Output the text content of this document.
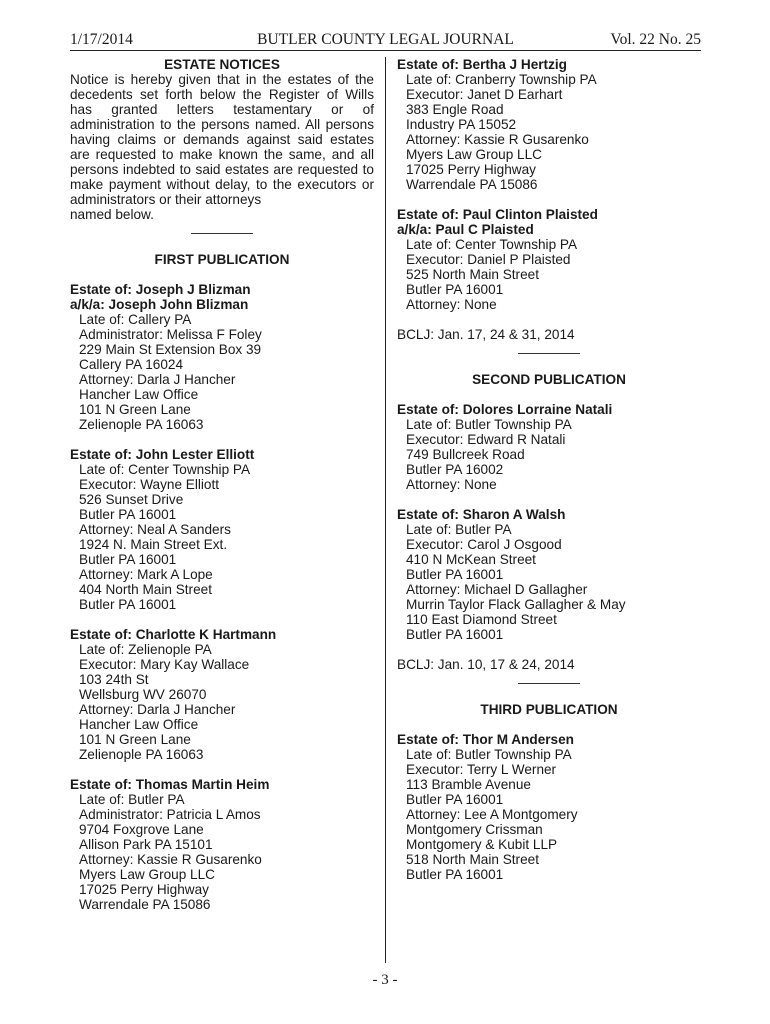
1/17/2014	BUTLER COUNTY LEGAL JOURNAL	Vol. 22 No. 25
ESTATE NOTICES
Notice is hereby given that in the estates of the decedents set forth below the Register of Wills has granted letters testamentary or of administration to the persons named. All persons having claims or demands against said estates are requested to make known the same, and all persons indebted to said estates are requested to make payment without delay, to the executors or administrators or their attorneys
named below.
FIRST PUBLICATION
Estate of: Joseph J Blizman
a/k/a: Joseph John Blizman
Late of: Callery PA
Administrator: Melissa F Foley
229 Main St Extension Box 39
Callery PA 16024
Attorney: Darla J Hancher
Hancher Law Office
101 N Green Lane
Zelienople PA 16063
Estate of: John Lester Elliott
Late of: Center Township PA
Executor: Wayne Elliott
526 Sunset Drive
Butler PA 16001
Attorney: Neal A Sanders
1924 N. Main Street Ext.
Butler PA 16001
Attorney: Mark A Lope
404 North Main Street
Butler PA 16001
Estate of: Charlotte K Hartmann
Late of: Zelienople PA
Executor: Mary Kay Wallace
103 24th St
Wellsburg WV 26070
Attorney: Darla J Hancher
Hancher Law Office
101 N Green Lane
Zelienople PA 16063
Estate of: Thomas Martin Heim
Late of: Butler PA
Administrator: Patricia L Amos
9704 Foxgrove Lane
Allison Park PA 15101
Attorney: Kassie R Gusarenko
Myers Law Group LLC
17025 Perry Highway
Warrendale PA 15086
Estate of: Bertha J Hertzig
Late of: Cranberry Township PA
Executor: Janet D Earhart
383 Engle Road
Industry PA 15052
Attorney: Kassie R Gusarenko
Myers Law Group LLC
17025 Perry Highway
Warrendale PA 15086
Estate of: Paul Clinton Plaisted
a/k/a: Paul C Plaisted
Late of: Center Township PA
Executor: Daniel P Plaisted
525 North Main Street
Butler PA 16001
Attorney: None
BCLJ: Jan. 17, 24 & 31, 2014
SECOND PUBLICATION
Estate of: Dolores Lorraine Natali
Late of: Butler Township PA
Executor: Edward R Natali
749 Bullcreek Road
Butler PA 16002
Attorney: None
Estate of: Sharon A Walsh
Late of: Butler PA
Executor: Carol J Osgood
410 N McKean Street
Butler PA 16001
Attorney: Michael D Gallagher
Murrin Taylor Flack Gallagher & May
110 East Diamond Street
Butler PA 16001
BCLJ: Jan. 10, 17 & 24, 2014
THIRD PUBLICATION
Estate of: Thor M Andersen
Late of: Butler Township PA
Executor: Terry L Werner
113 Bramble Avenue
Butler PA 16001
Attorney: Lee A Montgomery
Montgomery Crissman
Montgomery & Kubit LLP
518 North Main Street
Butler PA 16001
- 3 -
